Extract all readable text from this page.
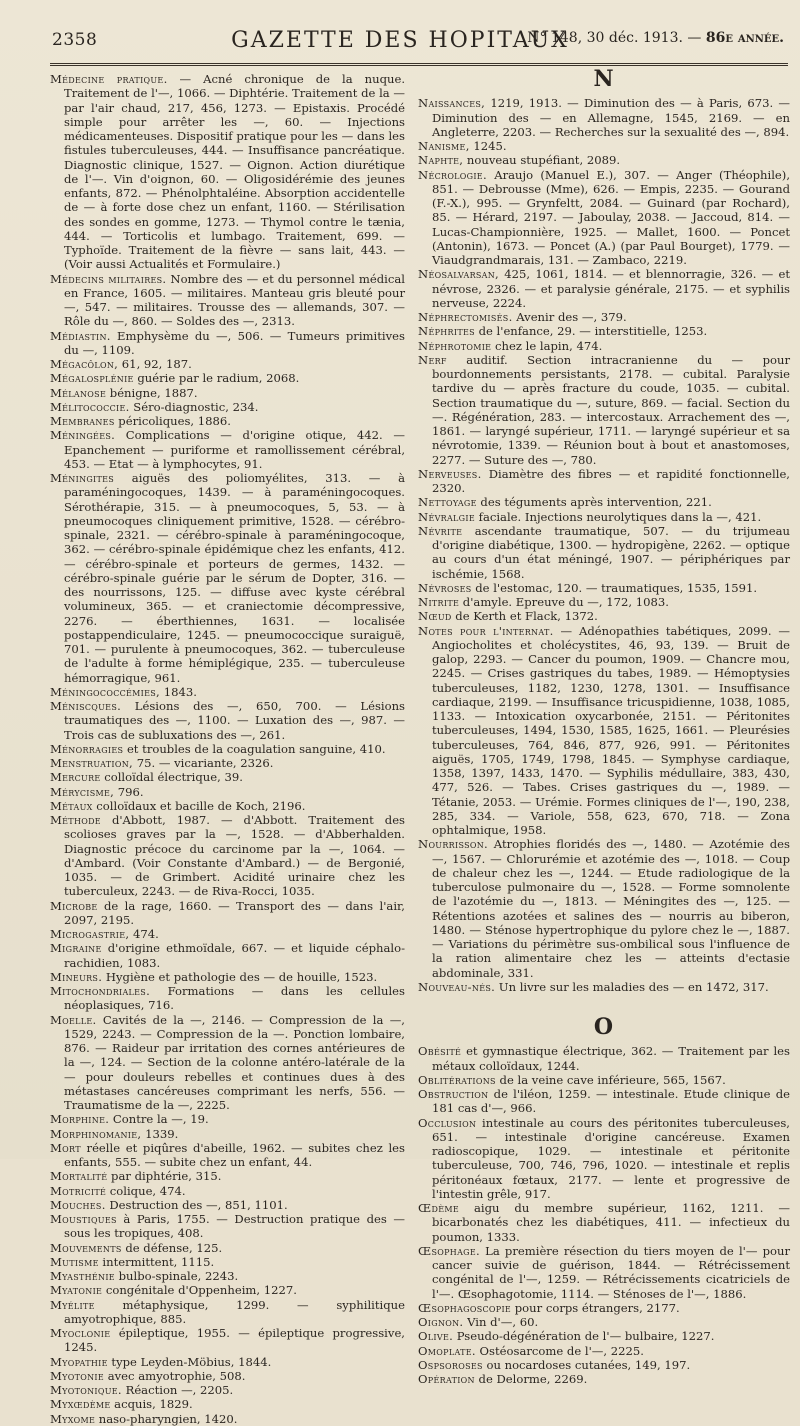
2358	GAZETTE DES HOPITAUX
N° 148, 30 déc. 1913. — 86e année.
Médecine pratique. — Acné chronique de la nuque. Traitement de l'—, 1066. — Diphtérie. Traitement de la — par l'air chaud, 217, 456, 1273. — Epistaxis. Procédé simple pour arrêter les —, 60. — Injections médicamenteuses. Dispositif pratique pour les — dans les fistules tuberculeuses, 444. — Insuffisance pancréatique. Diagnostic clinique, 1527. — Oignon. Action diurétique de l'—. Vin d'oignon, 60. — Oligosidérémie des jeunes enfants, 872. — Phénolphtaléine. Absorption accidentelle de — à forte dose chez un enfant, 1160. — Stérilisation des sondes en gomme, 1273. — Thymol contre le tænia, 444. — Torticolis et lumbago. Traitement, 699. — Typhoïde. Traitement de la fièvre — sans lait, 443. — (Voir aussi Actualités et Formulaire.)
Médecins militaires. Nombre des — et du personnel médical en France, 1605. — militaires. Manteau gris bleuté pour —, 547. — militaires. Trousse des — allemands, 307. — Rôle du —, 860. — Soldes des —, 2313.
Médiastin. Emphysème du —, 506. — Tumeurs primitives du —, 1109.
Mégacôlon, 61, 92, 187.
Mégalosplénie guérie par le radium, 2068.
Mélanose bénigne, 1887.
Mélitococcie. Séro-diagnostic, 234.
Membranes péricoliques, 1886.
Méningées. Complications — d'origine otique, 442. — Epanchement — puriforme et ramollissement cérébral, 453. — Etat — à lymphocytes, 91.
Méningites aiguës des poliomyélites, 313. — à paraméningocoques, 1439. — à paraméningocoques. Sérothérapie, 315. — à pneumocoques, 5, 53. — à pneumocoques cliniquement primitive, 1528. — cérébro-spinale, 2321. — cérébro-spinale à paraméningocoque, 362. — cérébro-spinale épidémique chez les enfants, 412. — cérébro-spinale et porteurs de germes, 1432. — cérébro-spinale guérie par le sérum de Dopter, 316. — des nourrissons, 125. — diffuse avec kyste cérébral volumineux, 365. — et craniectomie décompressive, 2276. — éberthiennes, 1631. — localisée postappendiculaire, 1245. — pneumococcique suraiguë, 701. — purulente à pneumocoques, 362. — tuberculeuse de l'adulte à forme hémiplégique, 235. — tuberculeuse hémorragique, 961.
Méningococcémies, 1843.
Méniscques. Lésions des —, 650, 700. — Lésions traumatiques des —, 1100. — Luxation des —, 987. — Trois cas de subluxations des —, 261.
Ménorragies et troubles de la coagulation sanguine, 410.
Menstruation, 75. — vicariante, 2326.
Mercure colloïdal électrique, 39.
Mérycisme, 796.
Métaux colloïdaux et bacille de Koch, 2196.
Méthode d'Abbott, 1987. — d'Abbott. Traitement des scolioses graves par la —, 1528. — d'Abberhalden. Diagnostic précoce du carcinome par la —, 1064. — d'Ambard. (Voir Constante d'Ambard.) — de Bergonié, 1035. — de Grimbert. Acidité urinaire chez les tuberculeux, 2243. — de Riva-Rocci, 1035.
Microbe de la rage, 1660. — Transport des — dans l'air, 2097, 2195.
Microgastrie, 474.
Migraine d'origine ethmoïdale, 667. — et liquide céphalo-rachidien, 1083.
Mineurs. Hygiène et pathologie des — de houille, 1523.
Mitochondriales. Formations — dans les cellules néoplasiques, 716.
Moelle. Cavités de la —, 2146. — Compression de la —, 1529, 2243. — Compression de la —. Ponction lombaire, 876. — Raideur par irritation des cornes antérieures de la —, 124. — Section de la colonne antéro-latérale de la — pour douleurs rebelles et continues dues à des métastases cancéreuses comprimant les nerfs, 556. — Traumatisme de la —, 2225.
Morphine. Contre la —, 19.
Morphinomanie, 1339.
Mort réelle et piqûres d'abeille, 1962. — subites chez les enfants, 555. — subite chez un enfant, 44.
Mortalité par diphtérie, 315.
Motricité colique, 474.
Mouches. Destruction des —, 851, 1101.
Moustiques à Paris, 1755. — Destruction pratique des — sous les tropiques, 408.
Mouvements de défense, 125.
Mutisme intermittent, 1115.
Myasthénie bulbo-spinale, 2243.
Myatonie congénitale d'Oppenheim, 1227.
Myélite métaphysique, 1299. — syphilitique amyotrophique, 885.
Myoclonie épileptique, 1955. — épileptique progressive, 1245.
Myopathie type Leyden-Möbius, 1844.
Myotonie avec amyotrophie, 508.
Myotonique. Réaction —, 2205.
Myxœdème acquis, 1829.
Myxome naso-pharyngien, 1420.
N
Naissances, 1219, 1913. — Diminution des — à Paris, 673. — Diminution des — en Allemagne, 1545, 2169. — en Angleterre, 2203. — Recherches sur la sexualité des —, 894.
Nanisme, 1245.
Naphte, nouveau stupéfiant, 2089.
Nécrologie. Araujo (Manuel E.), 307. — Anger (Théophile), 851. — Debrousse (Mme), 626. — Empis, 2235. — Gourand (F.-X.), 995. — Grynfeltt, 2084. — Guinard (par Rochard), 85. — Hérard, 2197. — Jaboulay, 2038. — Jaccoud, 814. — Lucas-Championnière, 1925. — Mallet, 1600. — Poncet (Antonin), 1673. — Poncet (A.) (par Paul Bourget), 1779. — Viaudgrandmarais, 131. — Zambaco, 2219.
Néosalvarsan, 425, 1061, 1814. — et blennorragie, 326. — et névrose, 2326. — et paralysie générale, 2175. — et syphilis nerveuse, 2224.
Néphrectomisés. Avenir des —, 379.
Néphrites de l'enfance, 29. — interstitielle, 1253.
Néphrotomie chez le lapin, 474.
Nerf auditif. Section intracranienne du — pour bourdonnements persistants, 2178. — cubital. Paralysie tardive du — après fracture du coude, 1035. — cubital. Section traumatique du —, suture, 869. — facial. Section du —. Régénération, 283. — intercostaux. Arrachement des —, 1861. — laryngé supérieur, 1711. — laryngé supérieur et sa névrotomie, 1339. — Réunion bout à bout et anastomoses, 2277. — Suture des —, 780.
Nerveuses. Diamètre des fibres — et rapidité fonctionnelle, 2320.
Nettoyage des téguments après intervention, 221.
Névralgie faciale. Injections neurolytiques dans la —, 421.
Névrite ascendante traumatique, 507. — du trijumeau d'origine diabétique, 1300. — hydropigène, 2262. — optique au cours d'un état méningé, 1907. — périphériques par ischémie, 1568.
Névroses de l'estomac, 120. — traumatiques, 1535, 1591.
Nitrite d'amyle. Epreuve du —, 172, 1083.
Nœud de Kerth et Flack, 1372.
Notes pour l'internat. — Adénopathies tabétiques, 2099. — Angiocholites et cholécystites, 46, 93, 139. — Bruit de galop, 2293. — Cancer du poumon, 1909. — Chancre mou, 2245. — Crises gastriques du tabes, 1989. — Hémoptysies tuberculeuses, 1182, 1230, 1278, 1301. — Insuffisance cardiaque, 2199. — Insuffisance tricuspidienne, 1038, 1085, 1133. — Intoxication oxycarbonée, 2151. — Péritonites tuberculeuses, 1494, 1530, 1585, 1625, 1661. — Pleurésies tuberculeuses, 764, 846, 877, 926, 991. — Péritonites aiguës, 1705, 1749, 1798, 1845. — Symphyse cardiaque, 1358, 1397, 1433, 1470. — Syphilis médullaire, 383, 430, 477, 526. — Tabes. Crises gastriques du —, 1989. — Tétanie, 2053. — Urémie. Formes cliniques de l'—, 190, 238, 285, 334. — Variole, 558, 623, 670, 718. — Zona ophtalmique, 1958.
Nourrisson. Atrophies floridés des —, 1480. — Azotémie des —, 1567. — Chlorurémie et azotémie des —, 1018. — Coup de chaleur chez les —, 1244. — Etude radiologique de la tuberculose pulmonaire du —, 1528. — Forme somnolente de l'azotémie du —, 1813. — Méningites des —, 125. — Rétentions azotées et salines des — nourris au biberon, 1480. — Sténose hypertrophique du pylore chez le —, 1887. — Variations du périmètre sus-ombilical sous l'influence de la ration alimentaire chez les — atteints d'ectasie abdominale, 331.
Nouveau-nés. Un livre sur les maladies des — en 1472, 317.
O
Obésité et gymnastique électrique, 362. — Traitement par les métaux colloïdaux, 1244.
Oblitérations de la veine cave inférieure, 565, 1567.
Obstruction de l'iléon, 1259. — intestinale. Etude clinique de 181 cas d'—, 966.
Occlusion intestinale au cours des péritonites tuberculeuses, 651. — intestinale d'origine cancéreuse. Examen radioscopique, 1029. — intestinale et péritonite tuberculeuse, 700, 746, 796, 1020. — intestinale et replis péritonéaux fœtaux, 2177. — lente et progressive de l'intestin grêle, 917.
Œdème aigu du membre supérieur, 1162, 1211. — bicarbonatés chez les diabétiques, 411. — infectieux du poumon, 1333.
Œsophage. La première résection du tiers moyen de l'— pour cancer suivie de guérison, 1844. — Rétrécissement congénital de l'—, 1259. — Rétrécissements cicatriciels de l'—. Œsophagotomie, 1114. — Sténoses de l'—, 1886.
Œsophagoscopie pour corps étrangers, 2177.
Oignon. Vin d'—, 60.
Olive. Pseudo-dégénération de l'— bulbaire, 1227.
Omoplate. Ostéosarcome de l'—, 2225.
Ospsoroses ou nocardoses cutanées, 149, 197.
Opération de Delorme, 2269.
